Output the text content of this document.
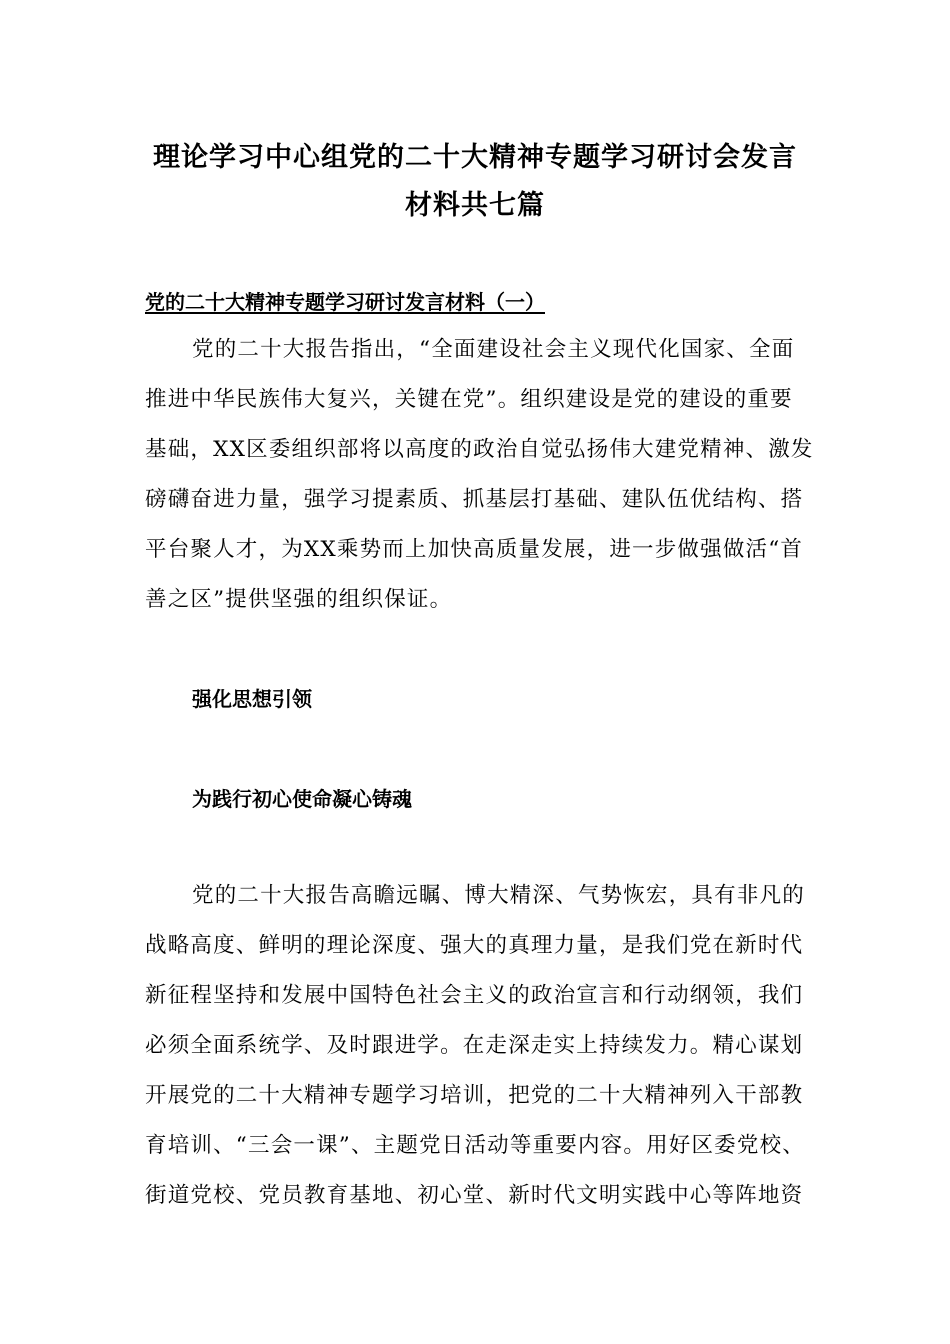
理论学习中心组党的二十大精神专题学习研讨会发言
材料共七篇
党的二十大精神专题学习研讨发言材料（一）
党的二十大报告指出，“全面建设社会主义现代化国家、全面
推进中华民族伟大复兴，关键在党”。组织建设是党的建设的重要
基础，XX区委组织部将以高度的政治自觉弘扬伟大建党精神、激发
磅礴奋进力量，强学习提素质、抓基层打基础、建队伍优结构、搭
平台聚人才，为XX乘势而上加快高质量发展，进一步做强做活“首
善之区”提供坚强的组织保证。
强化思想引领
为践行初心使命凝心铸魂
党的二十大报告高瞻远瞩、博大精深、气势恢宏，具有非凡的
战略高度、鲜明的理论深度、强大的真理力量，是我们党在新时代
新征程坚持和发展中国特色社会主义的政治宣言和行动纲领，我们
必须全面系统学、及时跟进学。在走深走实上持续发力。精心谋划
开展党的二十大精神专题学习培训，把党的二十大精神列入干部教
育培训、“三会一课”、主题党日活动等重要内容。用好区委党校、
街道党校、党员教育基地、初心堂、新时代文明实践中心等阵地资
